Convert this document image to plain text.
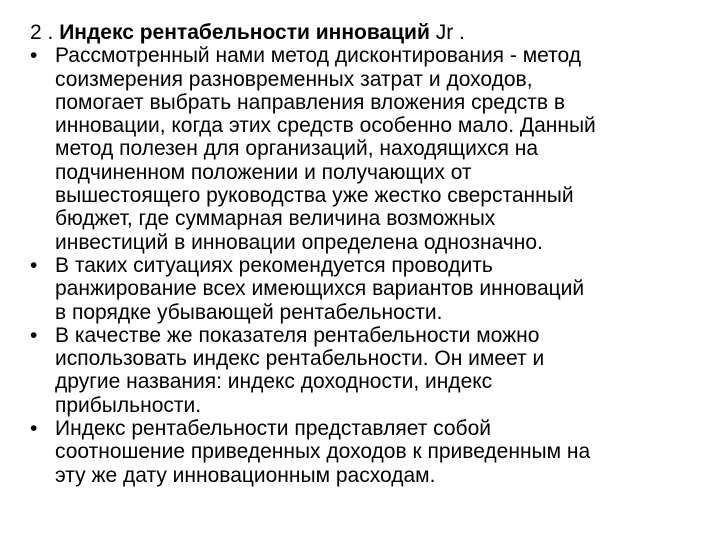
2 . Индекс рентабельности инноваций Jr .
• Рассмотренный нами метод дисконтирования - метод
соизмерения разновременных затрат и доходов,
помогает выбрать направления вложения средств в
инновации, когда этих средств особенно мало. Данный
метод полезен для организаций, находящихся на
подчиненном положении и получающих от
вышестоящего руководства уже жестко сверстанный
бюджет, где суммарная величина возможных
инвестиций в инновации определена однозначно.
• В таких ситуациях рекомендуется проводить
ранжирование всех имеющихся вариантов инноваций
в порядке убывающей рентабельности.
• В качестве же показателя рентабельности можно
использовать индекс рентабельности. Он имеет и
другие названия: индекс доходности, индекс
прибыльности.
• Индекс рентабельности представляет собой
соотношение приведенных доходов к приведенным на
эту же дату инновационным расходам.
